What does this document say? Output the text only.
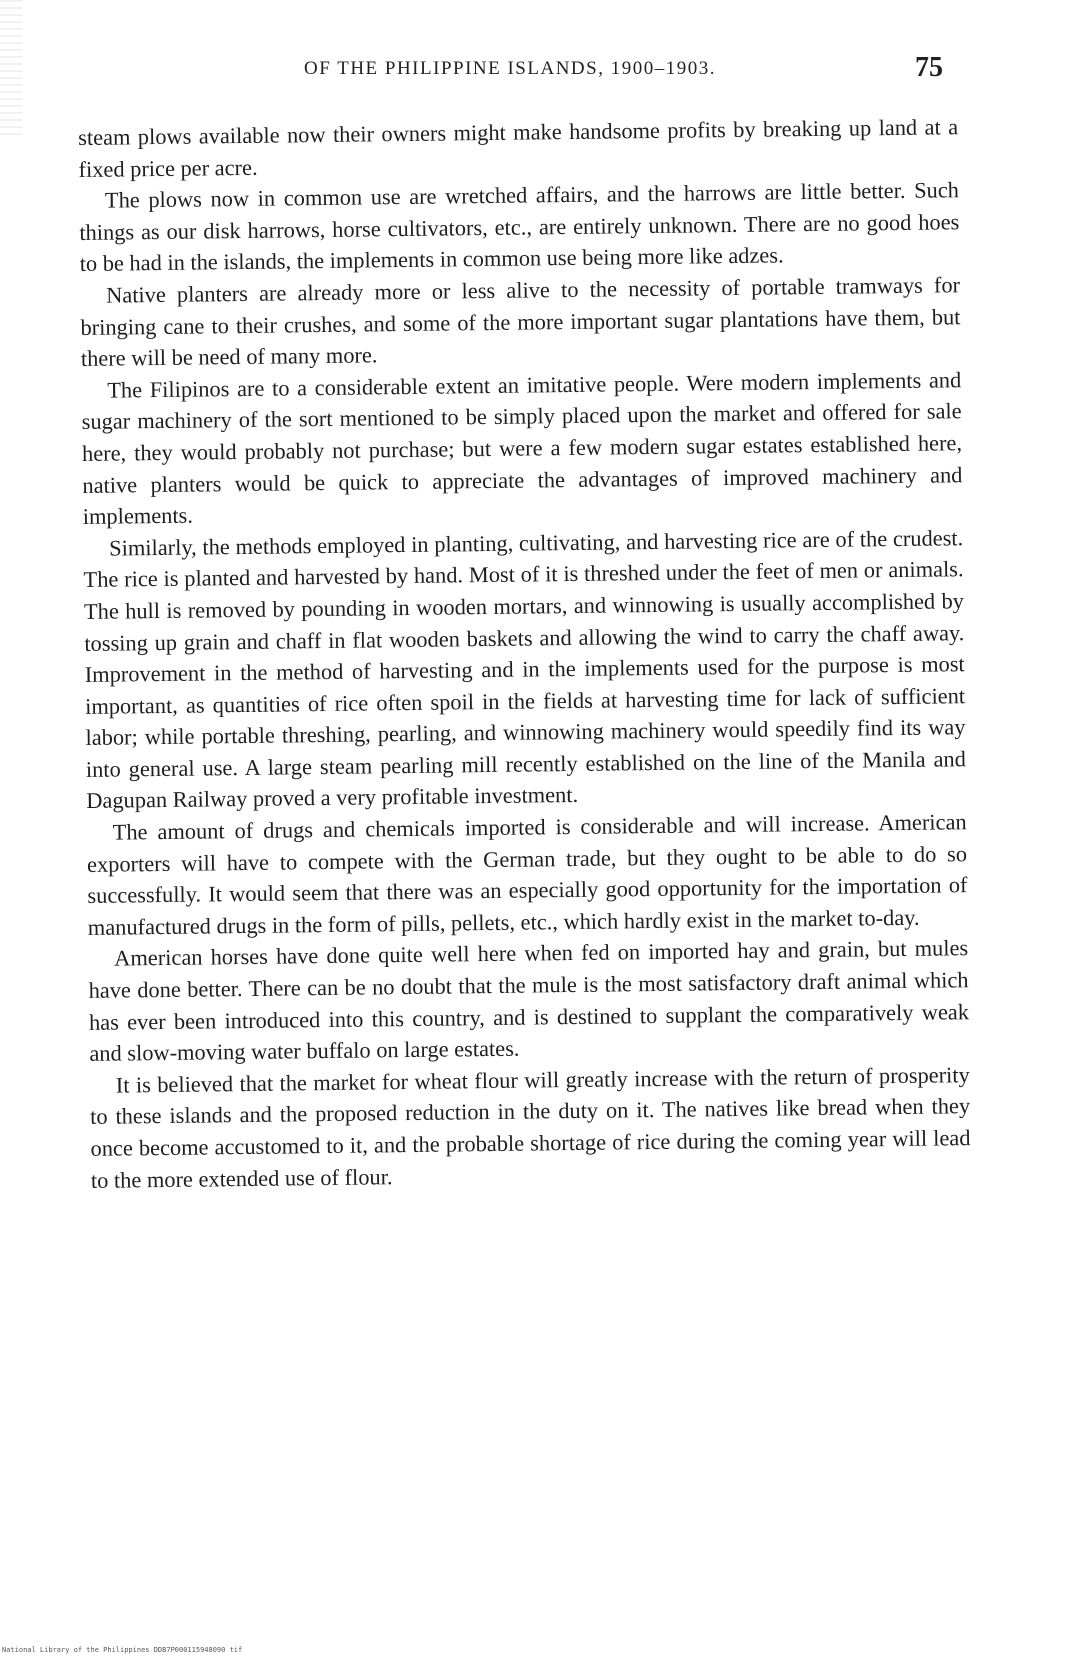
OF THE PHILIPPINE ISLANDS, 1900–1903.	75

steam plows available now their owners might make handsome profits by breaking up land at a fixed price per acre.

The plows now in common use are wretched affairs, and the harrows are little better. Such things as our disk harrows, horse cultivators, etc., are entirely unknown. There are no good hoes to be had in the islands, the implements in common use being more like adzes.

Native planters are already more or less alive to the necessity of portable tramways for bringing cane to their crushes, and some of the more important sugar plantations have them, but there will be need of many more.

The Filipinos are to a considerable extent an imitative people. Were modern implements and sugar machinery of the sort mentioned to be simply placed upon the market and offered for sale here, they would probably not purchase; but were a few modern sugar estates established here, native planters would be quick to appreciate the advantages of improved machinery and implements.

Similarly, the methods employed in planting, cultivating, and harvesting rice are of the crudest. The rice is planted and harvested by hand. Most of it is threshed under the feet of men or animals. The hull is removed by pounding in wooden mortars, and winnowing is usually accomplished by tossing up grain and chaff in flat wooden baskets and allowing the wind to carry the chaff away. Improvement in the method of harvesting and in the implements used for the purpose is most important, as quantities of rice often spoil in the fields at harvesting time for lack of sufficient labor; while portable threshing, pearling, and winnowing machinery would speedily find its way into general use. A large steam pearling mill recently established on the line of the Manila and Dagupan Railway proved a very profitable investment.

The amount of drugs and chemicals imported is considerable and will increase. American exporters will have to compete with the German trade, but they ought to be able to do so successfully. It would seem that there was an especially good opportunity for the importation of manufactured drugs in the form of pills, pellets, etc., which hardly exist in the market to-day.

American horses have done quite well here when fed on imported hay and grain, but mules have done better. There can be no doubt that the mule is the most satisfactory draft animal which has ever been introduced into this country, and is destined to supplant the comparatively weak and slow-moving water buffalo on large estates.

It is believed that the market for wheat flour will greatly increase with the return of prosperity to these islands and the proposed reduction in the duty on it. The natives like bread when they once become accustomed to it, and the probable shortage of rice during the coming year will lead to the more extended use of flour.

National Library of the Philippines DDB7P000115948090 tif
